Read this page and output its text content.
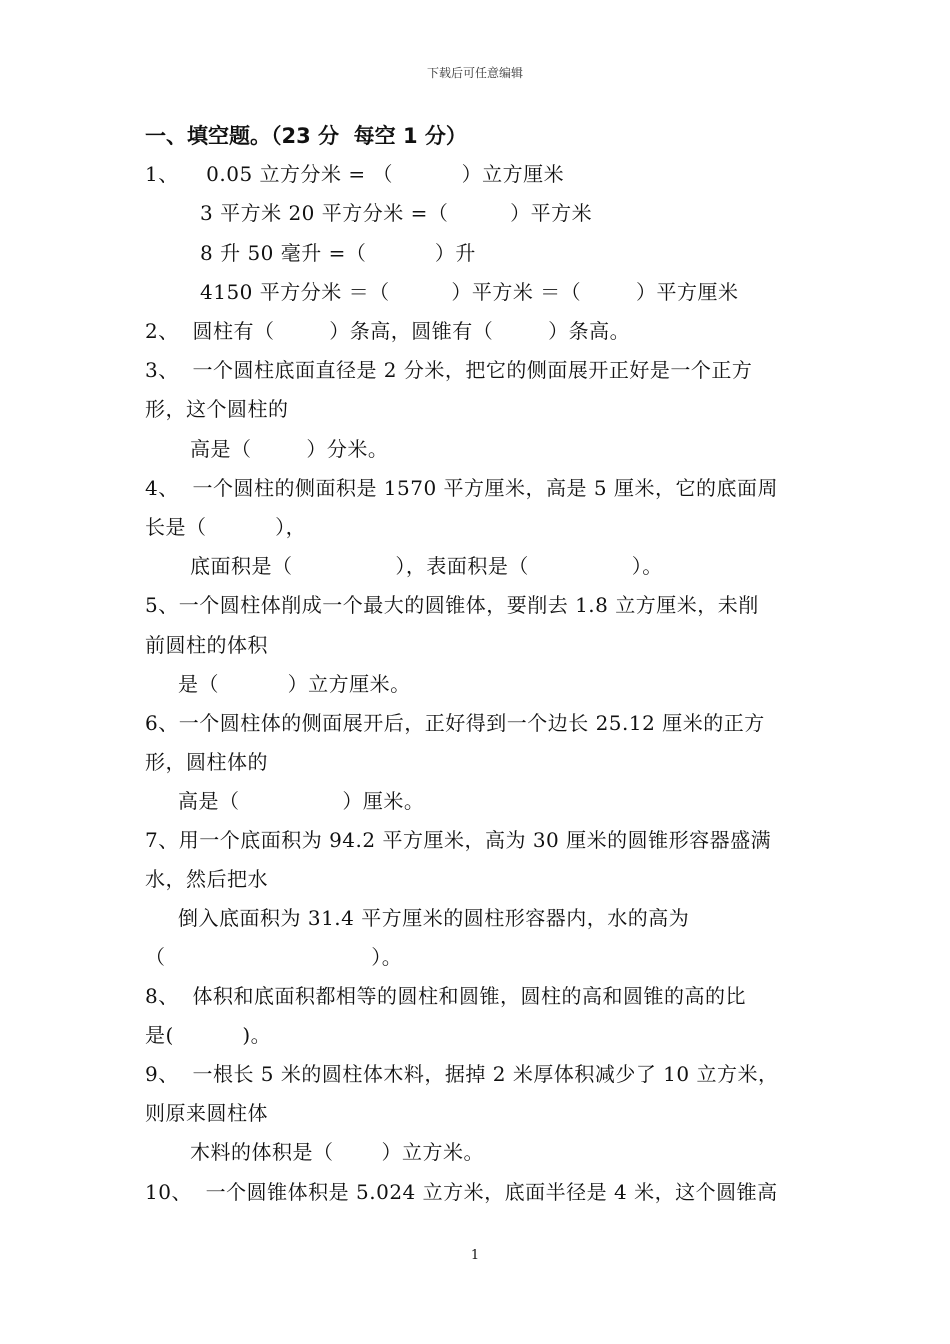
下载后可任意编辑
一、填空题。（23 分  每空 1 分）
1、    0.05 立方分米 = （          ）立方厘米
3 平方米 20 平方分米 =（         ）平方米
8 升 50 毫升 =（          ）升
4150 平方分米 ＝（         ）平方米 ＝（        ）平方厘米
2、  圆柱有（        ）条高，圆锥有（        ）条高。
3、  一个圆柱底面直径是 2 分米，把它的侧面展开正好是一个正方
形，这个圆柱的
高是（        ）分米。
4、  一个圆柱的侧面积是 1570 平方厘米，高是 5 厘米，它的底面周
长是（          ），
底面积是（               ），表面积是（               ）。
5、一个圆柱体削成一个最大的圆锥体，要削去 1.8 立方厘米，未削
前圆柱的体积
是（          ）立方厘米。
6、一个圆柱体的侧面展开后，正好得到一个边长 25.12 厘米的正方
形，圆柱体的
高是（               ）厘米。
7、用一个底面积为 94.2 平方厘米，高为 30 厘米的圆锥形容器盛满
水，然后把水
倒入底面积为 31.4 平方厘米的圆柱形容器内，水的高为
（                              ）。
8、  体积和底面积都相等的圆柱和圆锥，圆柱的高和圆锥的高的比
是(          )。
9、  一根长 5 米的圆柱体木料，据掉 2 米厚体积减少了 10 立方米，
则原来圆柱体
木料的体积是（       ）立方米。
10、  一个圆锥体积是 5.024 立方米，底面半径是 4 米，这个圆锥高
1
